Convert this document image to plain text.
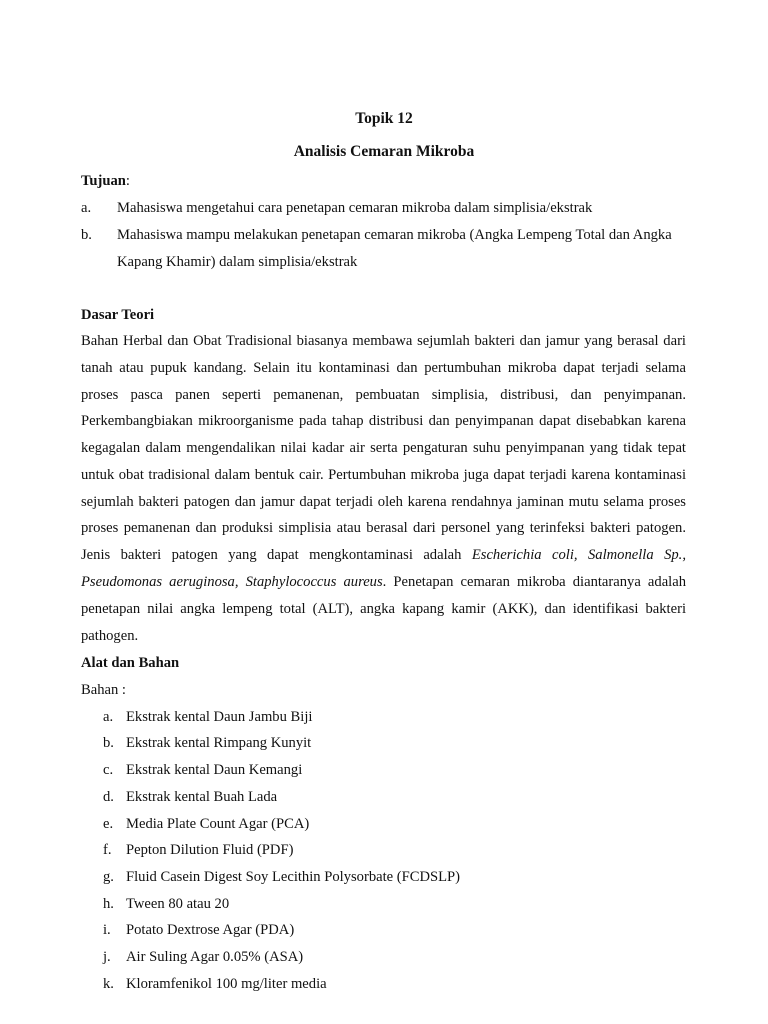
Topik 12
Analisis Cemaran Mikroba
Tujuan:
a. Mahasiswa mengetahui cara penetapan cemaran mikroba dalam simplisia/ekstrak
b. Mahasiswa mampu melakukan penetapan cemaran mikroba (Angka Lempeng Total dan Angka
Kapang Khamir) dalam simplisia/ekstrak
Dasar Teori
Bahan Herbal dan Obat Tradisional biasanya membawa sejumlah bakteri dan jamur yang berasal dari
tanah atau pupuk kandang. Selain itu kontaminasi dan pertumbuhan mikroba dapat terjadi selama
proses pasca panen seperti pemanenan, pembuatan simplisia, distribusi, dan penyimpanan.
Perkembangbiakan mikroorganisme pada tahap distribusi dan penyimpanan dapat disebabkan karena
kegagalan dalam mengendalikan nilai kadar air serta pengaturan suhu penyimpanan yang tidak tepat
untuk obat tradisional dalam bentuk cair. Pertumbuhan mikroba juga dapat terjadi karena kontaminasi
sejumlah bakteri patogen dan jamur dapat terjadi oleh karena rendahnya jaminan mutu selama proses
proses pemanenan dan produksi simplisia atau berasal dari personel yang terinfeksi bakteri patogen.
Jenis bakteri patogen yang dapat mengkontaminasi adalah Escherichia coli, Salmonella Sp.,
Pseudomonas aeruginosa, Staphylococcus aureus. Penetapan cemaran mikroba diantaranya adalah
penetapan nilai angka lempeng total (ALT), angka kapang kamir (AKK), dan identifikasi bakteri
pathogen.
Alat dan Bahan
Bahan :
a. Ekstrak kental Daun Jambu Biji
b. Ekstrak kental Rimpang Kunyit
c. Ekstrak kental Daun Kemangi
d. Ekstrak kental Buah Lada
e. Media Plate Count Agar (PCA)
f. Pepton Dilution Fluid (PDF)
g. Fluid Casein Digest Soy Lecithin Polysorbate (FCDSLP)
h. Tween 80 atau 20
i. Potato Dextrose Agar (PDA)
j. Air Suling Agar 0.05% (ASA)
k. Kloramfenikol 100 mg/liter media
